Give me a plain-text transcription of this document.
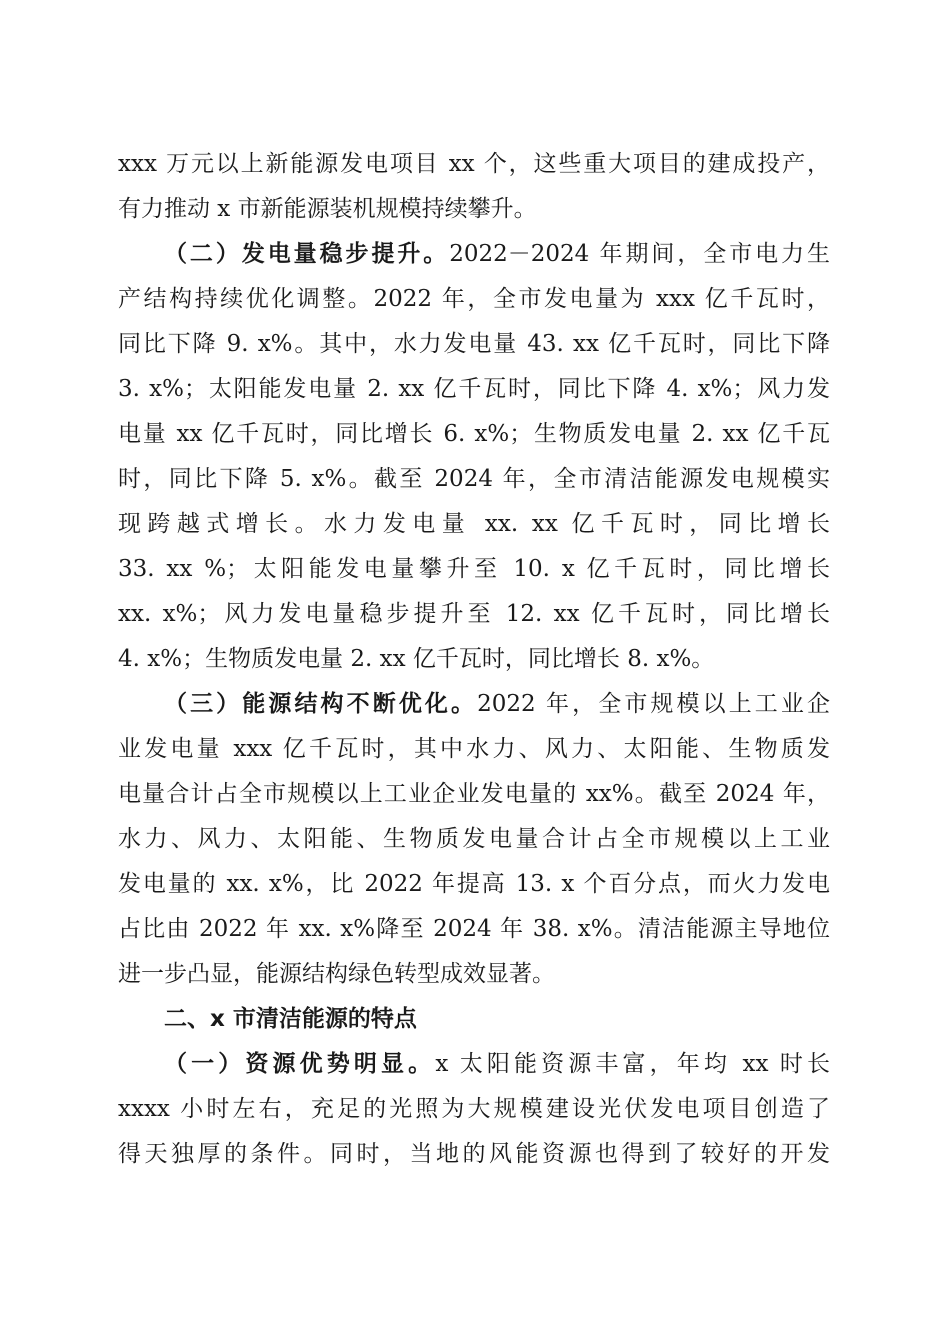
xxx 万元以上新能源发电项目 xx 个，这些重大项目的建成投产，
有力推动 x 市新能源装机规模持续攀升。
（二）发电量稳步提升。2022－2024 年期间，全市电力生
产结构持续优化调整。2022 年，全市发电量为 xxx 亿千瓦时，
同比下降 9. x%。其中，水力发电量 43. xx 亿千瓦时，同比下降
3. x%；太阳能发电量 2. xx 亿千瓦时，同比下降 4. x%；风力发
电量 xx 亿千瓦时，同比增长 6. x%；生物质发电量 2. xx 亿千瓦
时，同比下降 5. x%。截至 2024 年，全市清洁能源发电规模实
现跨越式增长。水力发电量 xx. xx 亿千瓦时，同比增长
33. xx %；太阳能发电量攀升至 10. x 亿千瓦时，同比增长
xx. x%；风力发电量稳步提升至 12. xx 亿千瓦时，同比增长
4. x%；生物质发电量 2. xx 亿千瓦时，同比增长 8. x%。
（三）能源结构不断优化。2022 年，全市规模以上工业企
业发电量 xxx 亿千瓦时，其中水力、风力、太阳能、生物质发
电量合计占全市规模以上工业企业发电量的 xx%。截至 2024 年，
水力、风力、太阳能、生物质发电量合计占全市规模以上工业
发电量的 xx. x%，比 2022 年提高 13. x 个百分点，而火力发电
占比由 2022 年 xx. x%降至 2024 年 38. x%。清洁能源主导地位
进一步凸显，能源结构绿色转型成效显著。
二、x 市清洁能源的特点
（一）资源优势明显。x 太阳能资源丰富，年均 xx 时长
xxxx 小时左右，充足的光照为大规模建设光伏发电项目创造了
得天独厚的条件。同时，当地的风能资源也得到了较好的开发
